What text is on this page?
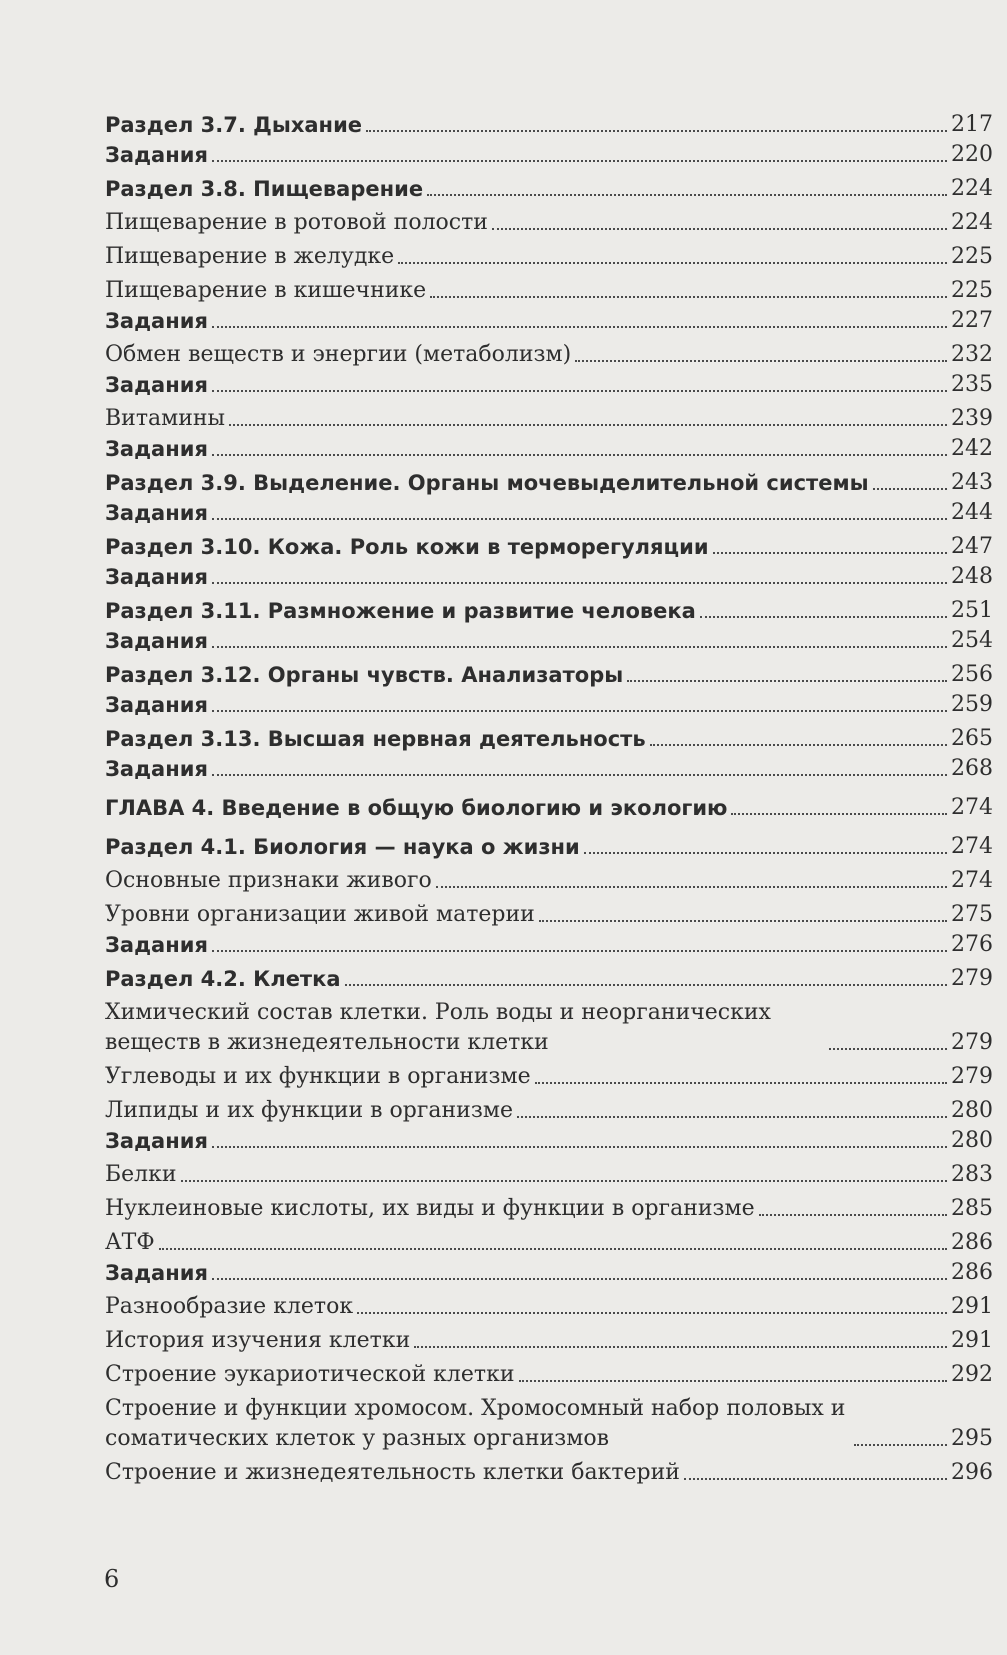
Раздел 3.7. Дыхание	217
Задания	220
Раздел 3.8. Пищеварение	224
Пищеварение в ротовой полости	224
Пищеварение в желудке	225
Пищеварение в кишечнике	225
Задания	227
Обмен веществ и энергии (метаболизм)	232
Задания	235
Витамины	239
Задания	242
Раздел 3.9. Выделение. Органы мочевыделительной системы	243
Задания	244
Раздел 3.10. Кожа. Роль кожи в терморегуляции	247
Задания	248
Раздел 3.11. Размножение и развитие человека	251
Задания	254
Раздел 3.12. Органы чувств. Анализаторы	256
Задания	259
Раздел 3.13. Высшая нервная деятельность	265
Задания	268
ГЛАВА 4. Введение в общую биологию и экологию	274
Раздел 4.1. Биология — наука о жизни	274
Основные признаки живого	274
Уровни организации живой материи	275
Задания	276
Раздел 4.2. Клетка	279
Химический состав клетки. Роль воды и неорганических веществ в жизнедеятельности клетки	279
Углеводы и их функции в организме	279
Липиды и их функции в организме	280
Задания	280
Белки	283
Нуклеиновые кислоты, их виды и функции в организме	285
АТФ	286
Задания	286
Разнообразие клеток	291
История изучения клетки	291
Строение эукариотической клетки	292
Строение и функции хромосом. Хромосомный набор половых и соматических клеток у разных организмов	295
Строение и жизнедеятельность клетки бактерий	296
6
